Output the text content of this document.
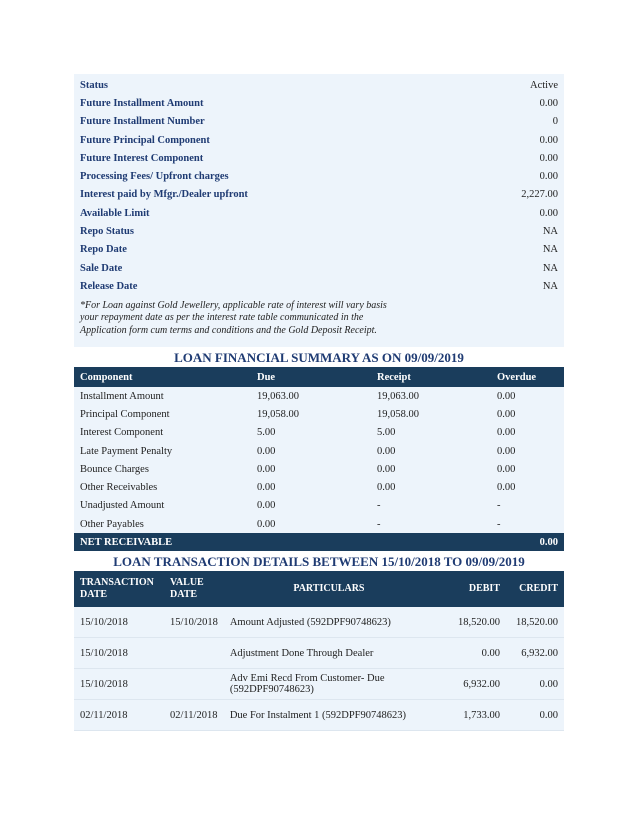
Status	Active
Future Installment Amount	0.00
Future Installment Number	0
Future Principal Component	0.00
Future Interest Component	0.00
Processing Fees/ Upfront charges	0.00
Interest paid by Mfgr./Dealer upfront	2,227.00
Available Limit	0.00
Repo Status	NA
Repo Date	NA
Sale Date	NA
Release Date	NA
*For Loan against Gold Jewellery, applicable rate of interest will vary basis your repayment date as per the interest rate table communicated in the Application form cum terms and conditions and the Gold Deposit Receipt.
LOAN FINANCIAL SUMMARY AS ON 09/09/2019
Component	Due	Receipt	Overdue
Installment Amount	19,063.00	19,063.00	0.00
Principal Component	19,058.00	19,058.00	0.00
Interest Component	5.00	5.00	0.00
Late Payment Penalty	0.00	0.00	0.00
Bounce Charges	0.00	0.00	0.00
Other Receivables	0.00	0.00	0.00
Unadjusted Amount	0.00	-	-
Other Payables	0.00	-	-
NET RECEIVABLE	0.00
LOAN TRANSACTION DETAILS BETWEEN 15/10/2018 TO 09/09/2019
TRANSACTION DATE	VALUE DATE	PARTICULARS	DEBIT	CREDIT
15/10/2018	15/10/2018	Amount Adjusted (592DPF90748623)	18,520.00	18,520.00
15/10/2018		Adjustment Done Through Dealer	0.00	6,932.00
15/10/2018		Adv Emi Recd From Customer- Due (592DPF90748623)	6,932.00	0.00
02/11/2018	02/11/2018	Due For Instalment 1 (592DPF90748623)	1,733.00	0.00
